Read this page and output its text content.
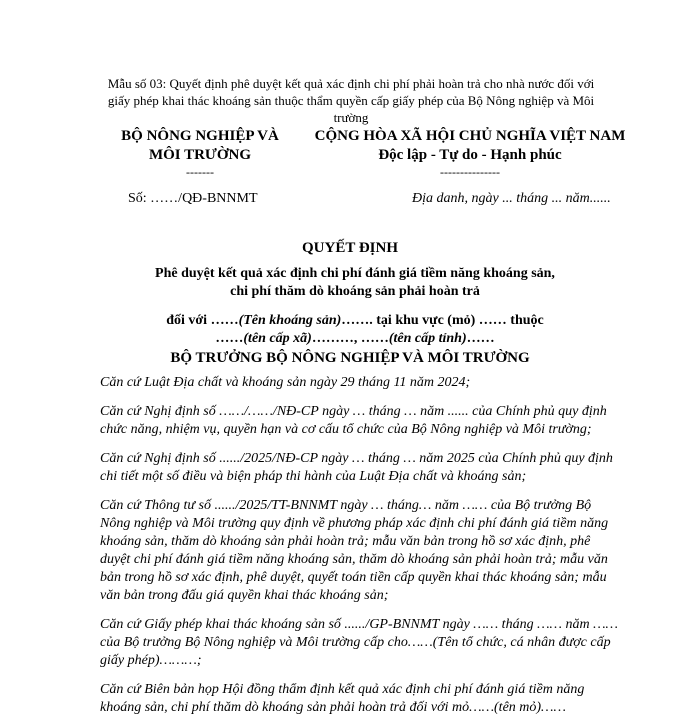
Mẫu số 03: Quyết định phê duyệt kết quả xác định chi phí phải hoàn trả cho nhà nước đối với giấy phép khai thác khoáng sản thuộc thẩm quyền cấp giấy phép của Bộ Nông nghiệp và Môi trường
BỘ NÔNG NGHIỆP VÀ
MÔI TRƯỜNG
-------
CỘNG HÒA XÃ HỘI CHỦ NGHĨA VIỆT NAM
Độc lập - Tự do - Hạnh phúc
---------------
Số: ……/QĐ-BNNMT	Địa danh, ngày ... tháng ... năm......
QUYẾT ĐỊNH
Phê duyệt kết quả xác định chi phí đánh giá tiềm năng khoáng sản,
chi phí thăm dò khoáng sản phải hoàn trả
đối với ……(Tên khoáng sản)……. tại khu vực (mỏ) …… thuộc
……(tên cấp xã)………, ……(tên cấp tỉnh)……
BỘ TRƯỞNG BỘ NÔNG NGHIỆP VÀ MÔI TRƯỜNG

Căn cứ Luật Địa chất và khoáng sản ngày 29 tháng 11 năm 2024;

Căn cứ Nghị định số ……/……/NĐ-CP ngày … tháng … năm ...... của Chính phủ quy định chức năng, nhiệm vụ, quyền hạn và cơ cấu tổ chức của Bộ Nông nghiệp và Môi trường;

Căn cứ Nghị định số ....../2025/NĐ-CP ngày … tháng … năm 2025 của Chính phủ quy định chi tiết một số điều và biện pháp thi hành của Luật Địa chất và khoáng sản;

Căn cứ Thông tư số ....../2025/TT-BNNMT ngày … tháng… năm …… của Bộ trưởng Bộ Nông nghiệp và Môi trường quy định về phương pháp xác định chi phí đánh giá tiềm năng khoáng sản, thăm dò khoáng sản phải hoàn trả; mẫu văn bản trong hồ sơ xác định, phê duyệt chi phí đánh giá tiềm năng khoáng sản, thăm dò khoáng sản phải hoàn trả; mẫu văn bản trong hồ sơ xác định, phê duyệt, quyết toán tiền cấp quyền khai thác khoáng sản; mẫu văn bản trong đấu giá quyền khai thác khoáng sản;

Căn cứ Giấy phép khai thác khoáng sản số ....../GP-BNNMT ngày …… tháng …… năm …… của Bộ trưởng Bộ Nông nghiệp và Môi trường cấp cho……(Tên tổ chức, cá nhân được cấp giấy phép)………;

Căn cứ Biên bản họp Hội đồng thẩm định kết quả xác định chi phí đánh giá tiềm năng khoáng sản, chi phí thăm dò khoáng sản phải hoàn trả đối với mỏ……(tên mỏ)……
